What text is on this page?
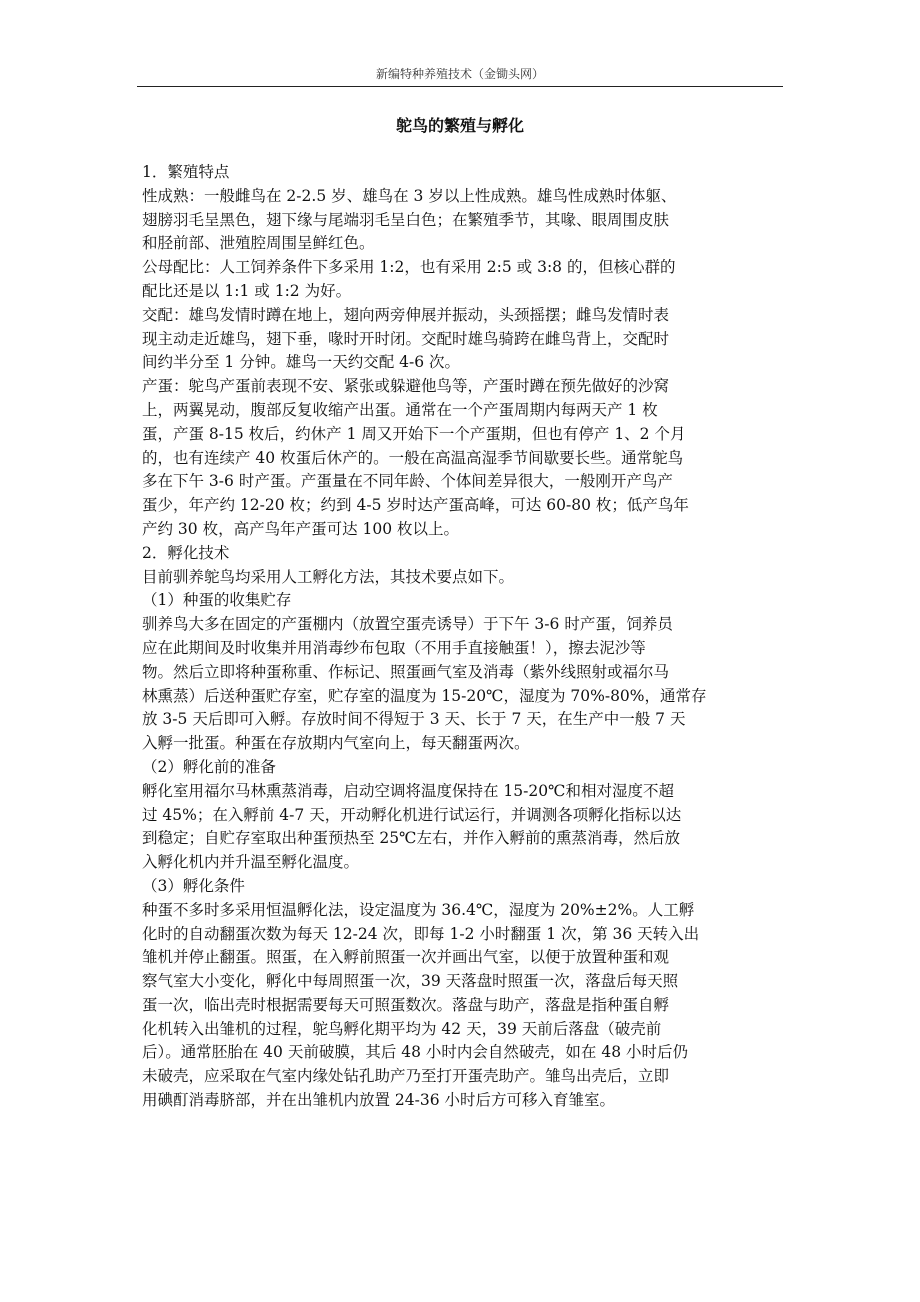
新编特种养殖技术（金锄头网）
鸵鸟的繁殖与孵化
1．繁殖特点
性成熟：一般雌鸟在 2-2.5 岁、雄鸟在 3 岁以上性成熟。雄鸟性成熟时体躯、
翅膀羽毛呈黑色，翅下缘与尾端羽毛呈白色；在繁殖季节，其喙、眼周围皮肤
和胫前部、泄殖腔周围呈鲜红色。
公母配比：人工饲养条件下多采用 1:2，也有采用 2:5 或 3:8 的，但核心群的
配比还是以 1:1 或 1:2 为好。
交配：雄鸟发情时蹲在地上，翅向两旁伸展并振动，头颈摇摆；雌鸟发情时表
现主动走近雄鸟，翅下垂，喙时开时闭。交配时雄鸟骑跨在雌鸟背上，交配时
间约半分至 1 分钟。雄鸟一天约交配 4-6 次。
产蛋：鸵鸟产蛋前表现不安、紧张或躲避他鸟等，产蛋时蹲在预先做好的沙窝
上，两翼晃动，腹部反复收缩产出蛋。通常在一个产蛋周期内每两天产 1 枚
蛋，产蛋 8-15 枚后，约休产 1 周又开始下一个产蛋期，但也有停产 1、2 个月
的，也有连续产 40 枚蛋后休产的。一般在高温高湿季节间歇要长些。通常鸵鸟
多在下午 3-6 时产蛋。产蛋量在不同年龄、个体间差异很大，一般刚开产鸟产
蛋少，年产约 12-20 枚；约到 4-5 岁时达产蛋高峰，可达 60-80 枚；低产鸟年
产约 30 枚，高产鸟年产蛋可达 100 枚以上。
2．孵化技术
目前驯养鸵鸟均采用人工孵化方法，其技术要点如下。
（1）种蛋的收集贮存
驯养鸟大多在固定的产蛋棚内（放置空蛋壳诱导）于下午 3-6 时产蛋，饲养员
应在此期间及时收集并用消毒纱布包取（不用手直接触蛋！），擦去泥沙等
物。然后立即将种蛋称重、作标记、照蛋画气室及消毒（紫外线照射或福尔马
林熏蒸）后送种蛋贮存室，贮存室的温度为 15-20℃，湿度为 70%-80%，通常存
放 3-5 天后即可入孵。存放时间不得短于 3 天、长于 7 天，在生产中一般 7 天
入孵一批蛋。种蛋在存放期内气室向上，每天翻蛋两次。
（2）孵化前的准备
孵化室用福尔马林熏蒸消毒，启动空调将温度保持在 15-20℃和相对湿度不超
过 45%；在入孵前 4-7 天，开动孵化机进行试运行，并调测各项孵化指标以达
到稳定；自贮存室取出种蛋预热至 25℃左右，并作入孵前的熏蒸消毒，然后放
入孵化机内并升温至孵化温度。
（3）孵化条件
种蛋不多时多采用恒温孵化法，设定温度为 36.4℃，湿度为 20%±2%。人工孵
化时的自动翻蛋次数为每天 12-24 次，即每 1-2 小时翻蛋 1 次，第 36 天转入出
雏机并停止翻蛋。照蛋，在入孵前照蛋一次并画出气室，以便于放置种蛋和观
察气室大小变化，孵化中每周照蛋一次，39 天落盘时照蛋一次，落盘后每天照
蛋一次，临出壳时根据需要每天可照蛋数次。落盘与助产，落盘是指种蛋自孵
化机转入出雏机的过程，鸵鸟孵化期平均为 42 天，39 天前后落盘（破壳前
后）。通常胚胎在 40 天前破膜，其后 48 小时内会自然破壳，如在 48 小时后仍
未破壳，应采取在气室内缘处钻孔助产乃至打开蛋壳助产。雏鸟出壳后，立即
用碘酊消毒脐部，并在出雏机内放置 24-36 小时后方可移入育雏室。
